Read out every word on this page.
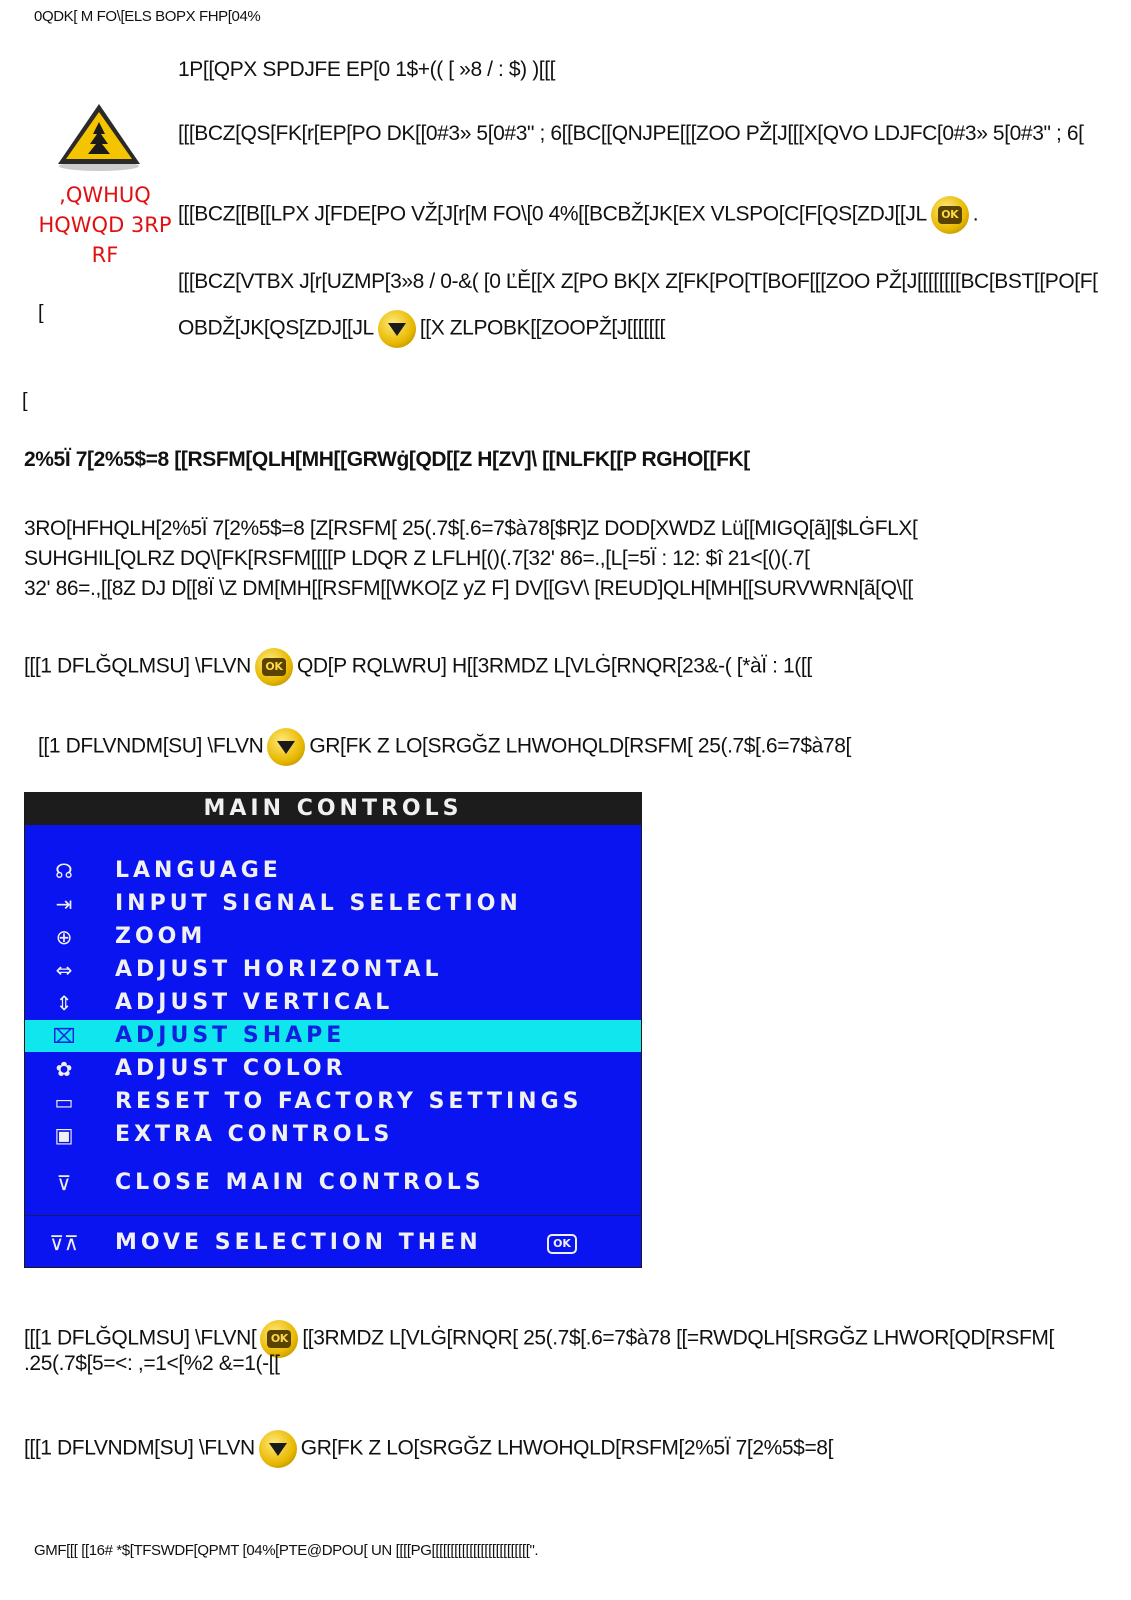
0QDK[ M FO\[ELS BOPX FHP[04%
1P[[QPX SPDJFE EP[0 1$+(( [ »8 / : $) )[[[
,QWHUQ HQWQD 3RP RF
[[[BCZ[QS[FK[r[EP[PO DK[[0#3» 5[0#3" ; 6[[BC[[QNJPE[[[ZOO PŽ[J[[[X[QVO LDJFC[0#3» 5[0#3" ; 6[
[[[BCZ[[B[[LPX J[FDE[PO VŽ[J[r[M FO\[0 4%[[BCBŽ[JK[EX VLSPO[C[F[QS[ZDJ[[JL	OK .
[[[BCZ[VTBX J[r[UZMP[3»8 / 0-&( [0 ĽĚ[[X Z[PO BK[X Z[FK[PO[T[BOF[[[ZOO PŽ[J[[[[[[[[BC[BST[[PO[F[
OBDŽ[JK[QS[ZDJ[[JL [[X ZLPOBK[[ZOOPŽ[J[[[[[[[
[
[
2%5Ï 7[2%5$=8 [[RSFM[QLH[MH[[GRWġ[QD[[Z H[ZV]\ [[NLFK[[P RGHO[[FK[
3RO[HFHQLH[2%5Ï 7[2%5$=8 [Z[RSFM[ 25(.7$[.6=7$à78[$R]Z DOD[XWDZ Lü[[MIGQ[ã][$LĠFLX[
SUHGHIL[QLRZ DQ\[FK[RSFM[[[[P LDQR Z LFLH[()(.7[32' 86=.,[L[=5Ï : 12: $î 21<[()(.7[
32' 86=.,[[8Z DJ D[[8Ï \Z DM[MH[[RSFM[[WKO[Z yZ F] DV[[GV\ [REUD]QLH[MH[[SURVWRN[ã[Q\[[
[[[1 DFLĞQLMSU] \FLVN	OK QD[P RQLWRU] H[[3RMDZ L[VLĠ[RNQR[23&-( [*àÏ : 1([[
[[1 DFLVNDM[SU] \FLVN GR[FK Z LO[SRGĞZ LHWOHQLD[RSFM[ 25(.7$[.6=7$à78[
MAIN CONTROLS
☊ LANGUAGE
⇥ INPUT SIGNAL SELECTION
⊕ ZOOM
⇔ ADJUST HORIZONTAL
⇕ ADJUST VERTICAL
⌧ ADJUST SHAPE
✿ ADJUST COLOR
▭ RESET TO FACTORY SETTINGS
▣ EXTRA CONTROLS
⊽ CLOSE MAIN CONTROLS
⊽⊼ MOVE SELECTION THEN	OK
[[[1 DFLĞQLMSU] \FLVN[	OK [[3RMDZ L[VLĠ[RNQR[ 25(.7$[.6=7$à78 [[=RWDQLH[SRGĞZ LHWOR[QD[RSFM[
.25(.7$[5=<: ,=1<[%2 &=1(-[[
[[[1 DFLVNDM[SU] \FLVN GR[FK Z LO[SRGĞZ LHWOHQLD[RSFM[2%5Ï 7[2%5$=8[
GMF[[[ [[16# *$[TFSWDF[QPMT [04%[PTE@DPOU[ UN [[[[PG[[[[[[[[[[[[[[[[[[[[[[[[[[".
